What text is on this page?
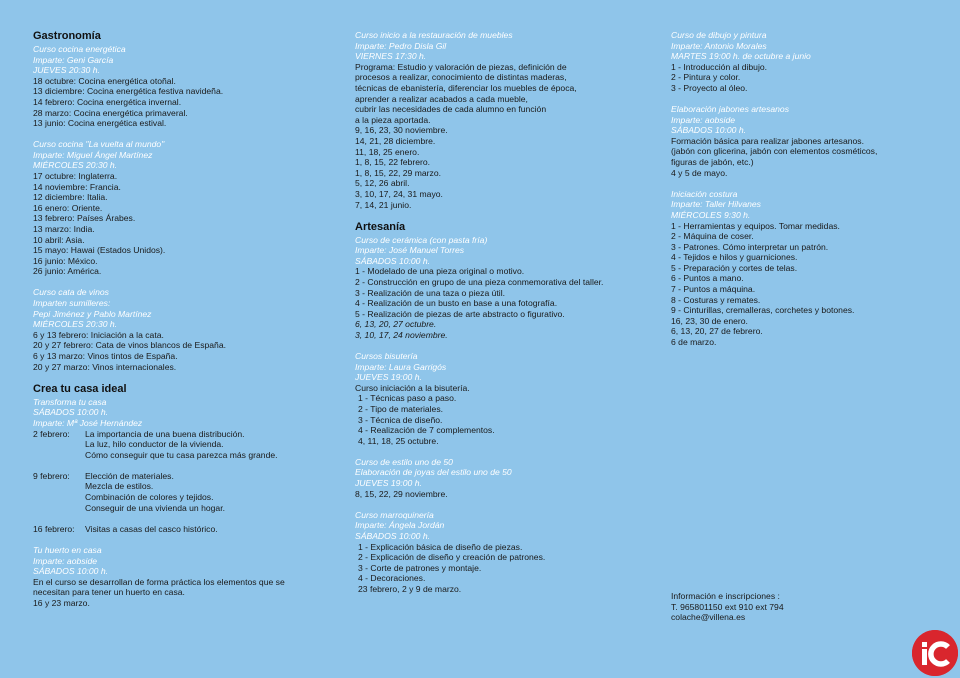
Gastronomía
Curso cocina energética
Imparte: Geni García
JUEVES 20:30 h.
18 octubre: Cocina energética otoñal.
13 diciembre: Cocina energética festiva navideña.
14 febrero: Cocina energética invernal.
28 marzo: Cocina energética primaveral.
13 junio: Cocina energética estival.
Curso cocina "La vuelta al mundo"
Imparte: Miguel Ángel Martínez
MIÉRCOLES 20:30 h.
17 octubre: Inglaterra.
14 noviembre: Francia.
12 diciembre: Italia.
16 enero: Oriente.
13 febrero: Países Árabes.
13 marzo: India.
10 abril: Asia.
15 mayo: Hawai (Estados Unidos).
16 junio: México.
26 junio: América.
Curso cata de vinos
Imparten sumilleres:
Pepi Jiménez y Pablo Martínez
MIÉRCOLES 20:30 h.
6 y 13 febrero: Iniciación a la cata.
20 y 27 febrero: Cata de vinos blancos de España.
6 y 13 marzo: Vinos tintos de España.
20 y 27 marzo: Vinos internacionales.
Crea tu casa ideal
Transforma tu casa
SÁBADOS 10:00 h.
Imparte: Mª José Hernández
2 febrero:	La importancia de una buena distribución.
La luz, hilo conductor de la vivienda.
Cómo conseguir que tu casa parezca más grande.
9 febrero:	Elección de materiales.
Mezcla de estilos.
Combinación de colores y tejidos.
Conseguir de una vivienda un hogar.
16 febrero:	Visitas a casas del casco histórico.
Tu huerto en casa
Imparte: aobside
SÁBADOS 10:00 h.
En el curso se desarrollan de forma práctica los elementos que se
necesitan para tener un huerto en casa.
16 y 23 marzo.
Curso inicio a la restauración de muebles
Imparte: Pedro Disla Gil
VIERNES 17:30 h.
Programa: Estudio y valoración de piezas, definición de
procesos a realizar, conocimiento de distintas maderas,
técnicas de ebanistería, diferenciar los muebles de época,
aprender a realizar acabados a cada mueble,
cubrir las necesidades de cada alumno en función
a la pieza aportada.
9, 16, 23, 30 noviembre.
14, 21, 28 diciembre.
11, 18, 25 enero.
1, 8, 15, 22 febrero.
1, 8, 15, 22, 29 marzo.
5, 12, 26 abril.
3, 10, 17, 24, 31 mayo.
7, 14, 21 junio.
Artesanía
Curso de cerámica (con pasta fría)
Imparte: José Manuel Torres
SÁBADOS 10:00 h.
1 - Modelado de una pieza original o motivo.
2 - Construcción en grupo de una pieza conmemorativa del taller.
3 - Realización de una taza o pieza útil.
4 - Realización de un busto en base a una fotografía.
5 - Realización de piezas de arte abstracto o figurativo.
6, 13, 20, 27 octubre.
3, 10, 17, 24 noviembre.
Cursos bisutería
Imparte: Laura Garrigós
JUEVES 19:00 h.
Curso iniciación a la bisutería.
1 - Técnicas paso a paso.
2 - Tipo de materiales.
3 - Técnica de diseño.
4 - Realización de 7 complementos.
4, 11, 18, 25 octubre.
Curso de estilo uno de 50
Elaboración de joyas del estilo uno de 50
JUEVES 19:00 h.
8, 15, 22, 29 noviembre.
Curso marroquinería
Imparte: Ángela Jordán
SÁBADOS 10:00 h.
1 - Explicación básica de diseño de piezas.
2 - Explicación de diseño y creación de patrones.
3 - Corte de patrones y montaje.
4 - Decoraciones.
23 febrero, 2 y 9 de marzo.
Curso de dibujo y pintura
Imparte: Antonio Morales
MARTES 19:00 h. de octubre a junio
1 - Introducción al dibujo.
2 - Pintura y color.
3 - Proyecto al óleo.
Elaboración jabones artesanos
Imparte: aobside
SÁBADOS 10:00 h.
Formación básica para realizar jabones artesanos.
(jabón con glicerina, jabón con elementos cosméticos,
figuras de jabón, etc.)
4 y 5 de mayo.
Iniciación costura
Imparte: Taller Hilvanes
MIÉRCOLES 9:30 h.
1 - Herramientas y equipos. Tomar medidas.
2 - Máquina de coser.
3 - Patrones. Cómo interpretar un patrón.
4 - Tejidos e hilos y guarniciones.
5 - Preparación y cortes de telas.
6 - Puntos a mano.
7 - Puntos a máquina.
8 - Costuras y remates.
9 - Cinturillas, cremalleras, corchetes y botones.
16, 23, 30 de enero.
6, 13, 20, 27 de febrero.
6 de marzo.
Información e inscripciones :
T. 965801150 ext 910 ext 794
colache@villena.es
